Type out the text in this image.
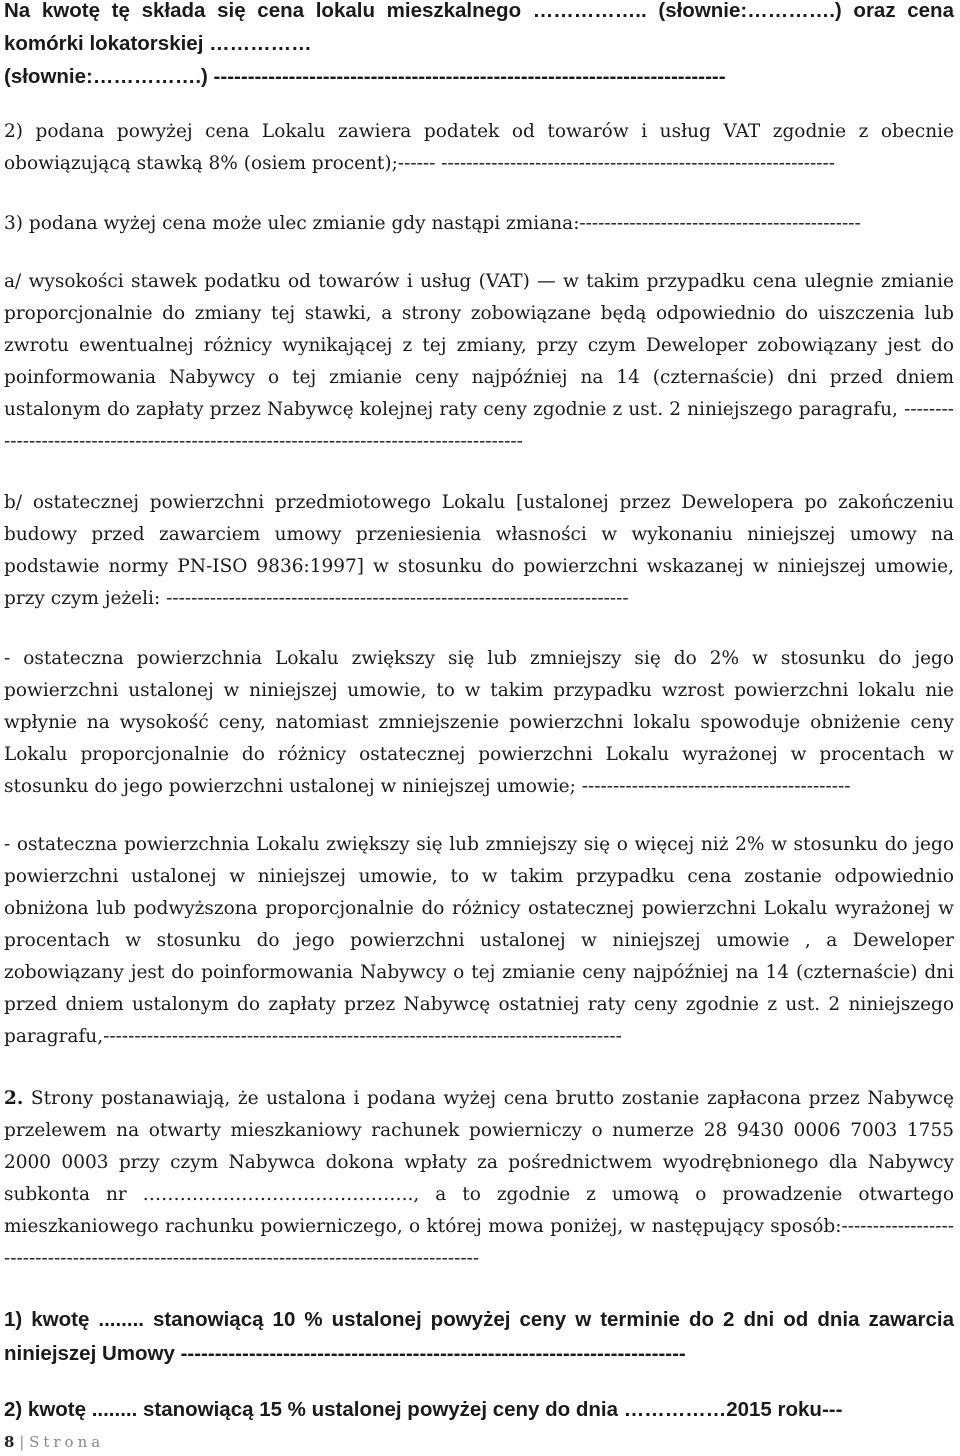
Na kwotę tę składa się cena lokalu mieszkalnego …………….. (słownie:………….) oraz cena komórki lokatorskiej ……………
(słownie:…………….) ---------------------------------------------------------------------------

2) podana powyżej cena Lokalu zawiera podatek od towarów i usług VAT zgodnie z obecnie obowiązującą stawką 8% (osiem procent);------ ---------------------------------------------------------------

3) podana wyżej cena może ulec zmianie gdy nastąpi zmiana:---------------------------------------------

a/ wysokości stawek podatku od towarów i usług (VAT) — w takim przypadku cena ulegnie zmianie proporcjonalnie do zmiany tej stawki, a strony zobowiązane będą odpowiednio do uiszczenia lub zwrotu ewentualnej różnicy wynikającej z tej zmiany, przy czym Deweloper zobowiązany jest do poinformowania Nabywcy o tej zmianie ceny najpóźniej na 14 (czternaście) dni przed dniem ustalonym do zapłaty przez Nabywcę kolejnej raty ceny zgodnie z ust. 2 niniejszego paragrafu, -------------------------------------------------------------------------------------------

b/ ostatecznej powierzchni przedmiotowego Lokalu [ustalonej przez Dewelopera po zakończeniu budowy przed zawarciem umowy przeniesienia własności w wykonaniu niniejszej umowy na podstawie normy PN-ISO 9836:1997] w stosunku do powierzchni wskazanej w niniejszej umowie, przy czym jeżeli: --------------------------------------------------------------------------

- ostateczna powierzchnia Lokalu zwiększy się lub zmniejszy się do 2% w stosunku do jego powierzchni ustalonej w niniejszej umowie, to w takim przypadku wzrost powierzchni lokalu nie wpłynie na wysokość ceny, natomiast zmniejszenie powierzchni lokalu spowoduje obniżenie ceny Lokalu proporcjonalnie do różnicy ostatecznej powierzchni Lokalu wyrażonej w procentach w stosunku do jego powierzchni ustalonej w niniejszej umowie; -------------------------------------------

- ostateczna powierzchnia Lokalu zwiększy się lub zmniejszy się o więcej niż 2% w stosunku do jego powierzchni ustalonej w niniejszej umowie, to w takim przypadku cena zostanie odpowiednio obniżona lub podwyższona proporcjonalnie do różnicy ostatecznej powierzchni Lokalu wyrażonej w procentach w stosunku do jego powierzchni ustalonej w niniejszej umowie , a Deweloper zobowiązany jest do poinformowania Nabywcy o tej zmianie ceny najpóźniej na 14 (czternaście) dni przed dniem ustalonym do zapłaty przez Nabywcę ostatniej raty ceny zgodnie z ust. 2 niniejszego paragrafu,-----------------------------------------------------------------------------------

2. Strony postanawiają, że ustalona i podana wyżej cena brutto zostanie zapłacona przez Nabywcę przelewem na otwarty mieszkaniowy rachunek powierniczy o numerze 28 9430 0006 7003 1755 2000 0003 przy czym Nabywca dokona wpłaty za pośrednictwem wyodrębnionego dla Nabywcy subkonta nr …………………………………….., a to zgodnie z umową o prowadzenie otwartego mieszkaniowego rachunku powierniczego, o której mowa poniżej, w następujący sposób:----------------------------------------------------------------------------------------------

1) kwotę ........ stanowiącą 10 % ustalonej powyżej ceny w terminie do 2 dni od dnia zawarcia niniejszej Umowy --------------------------------------------------------------------------

2) kwotę ........ stanowiącą 15 % ustalonej powyżej ceny do dnia ……………2015 roku---

8 | Strona
